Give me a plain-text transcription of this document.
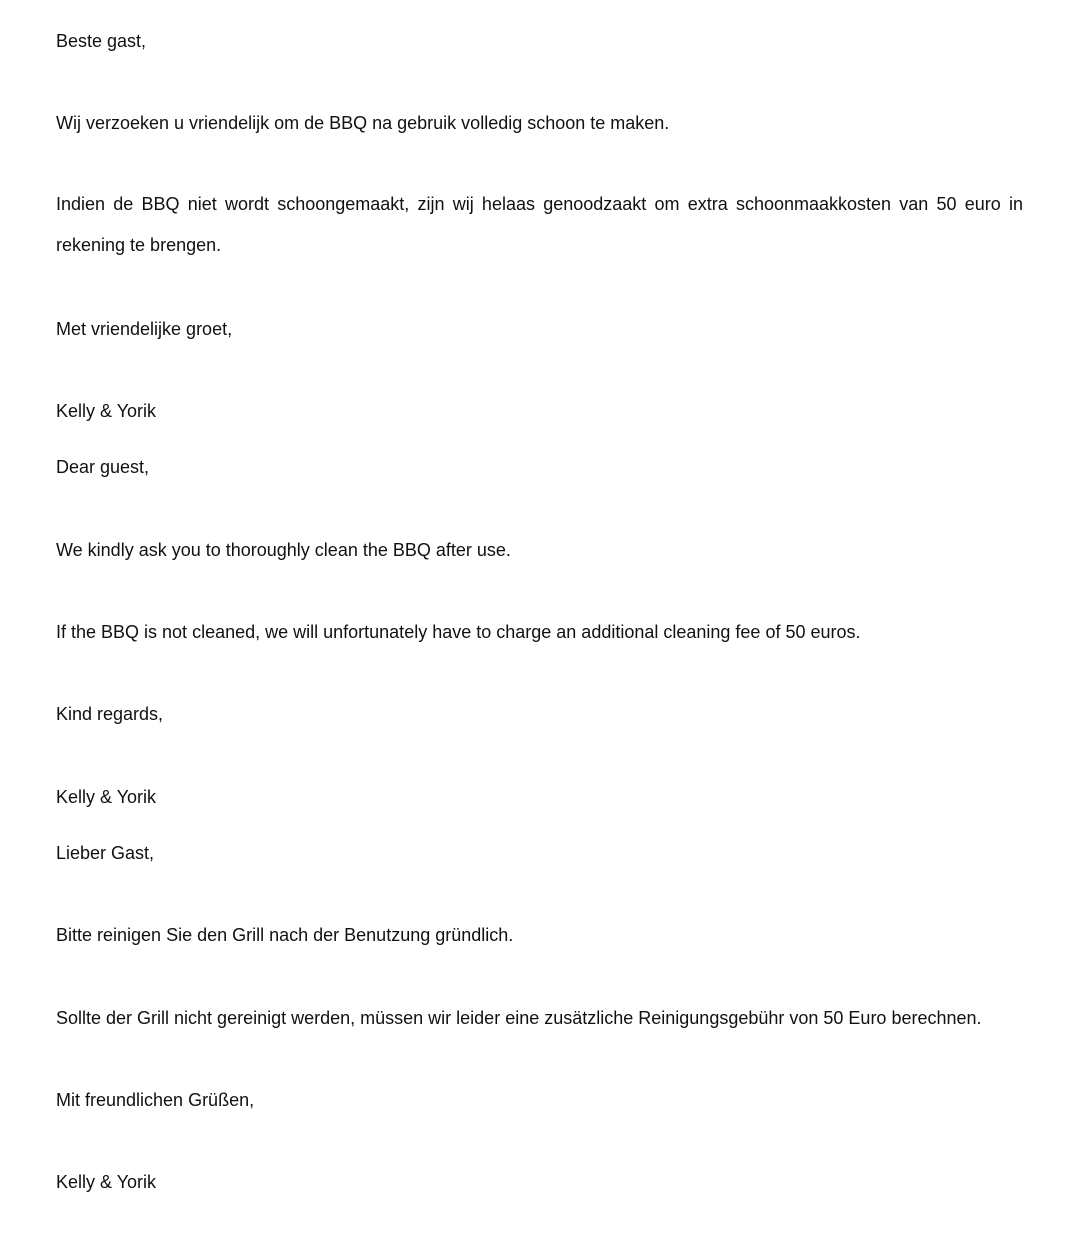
Beste gast,

Wij verzoeken u vriendelijk om de BBQ na gebruik volledig schoon te maken.

Indien de BBQ niet wordt schoongemaakt, zijn wij helaas genoodzaakt om extra schoonmaakkosten van 50 euro in rekening te brengen.

Met vriendelijke groet,

Kelly & Yorik

Dear guest,

We kindly ask you to thoroughly clean the BBQ after use.

If the BBQ is not cleaned, we will unfortunately have to charge an additional cleaning fee of 50 euros.

Kind regards,

Kelly & Yorik

Lieber Gast,

Bitte reinigen Sie den Grill nach der Benutzung gründlich.

Sollte der Grill nicht gereinigt werden, müssen wir leider eine zusätzliche Reinigungsgebühr von 50 Euro berechnen.

Mit freundlichen Grüßen,

Kelly & Yorik
